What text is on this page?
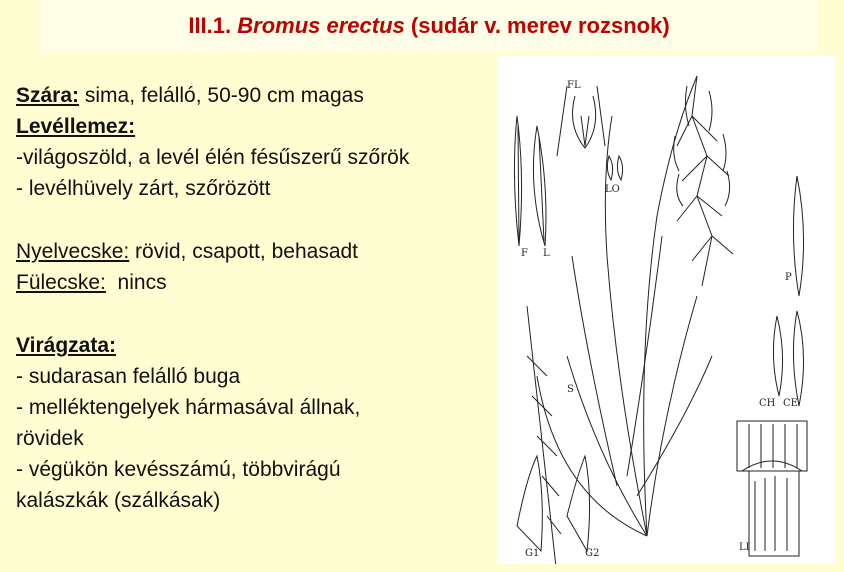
III.1. Bromus erectus (sudár v. merev rozsnok)

Szára: sima, felálló, 50-90 cm magas

Levéllemez:

-világoszöld, a levél élén fésűszerű szőrök

- levélhüvely zárt, szőrözött

Nyelvecske: rövid, csapott, behasadt

Fülecske:  nincs

Virágzata:

- sudarasan felálló buga

- melléktengelyek hármasával állnak,

rövidek

- végükön kevésszámú, többvirágú

kalászkák (szálkásak)

FL
LO
F L
P
S
CH CE
G1	G2
LI
